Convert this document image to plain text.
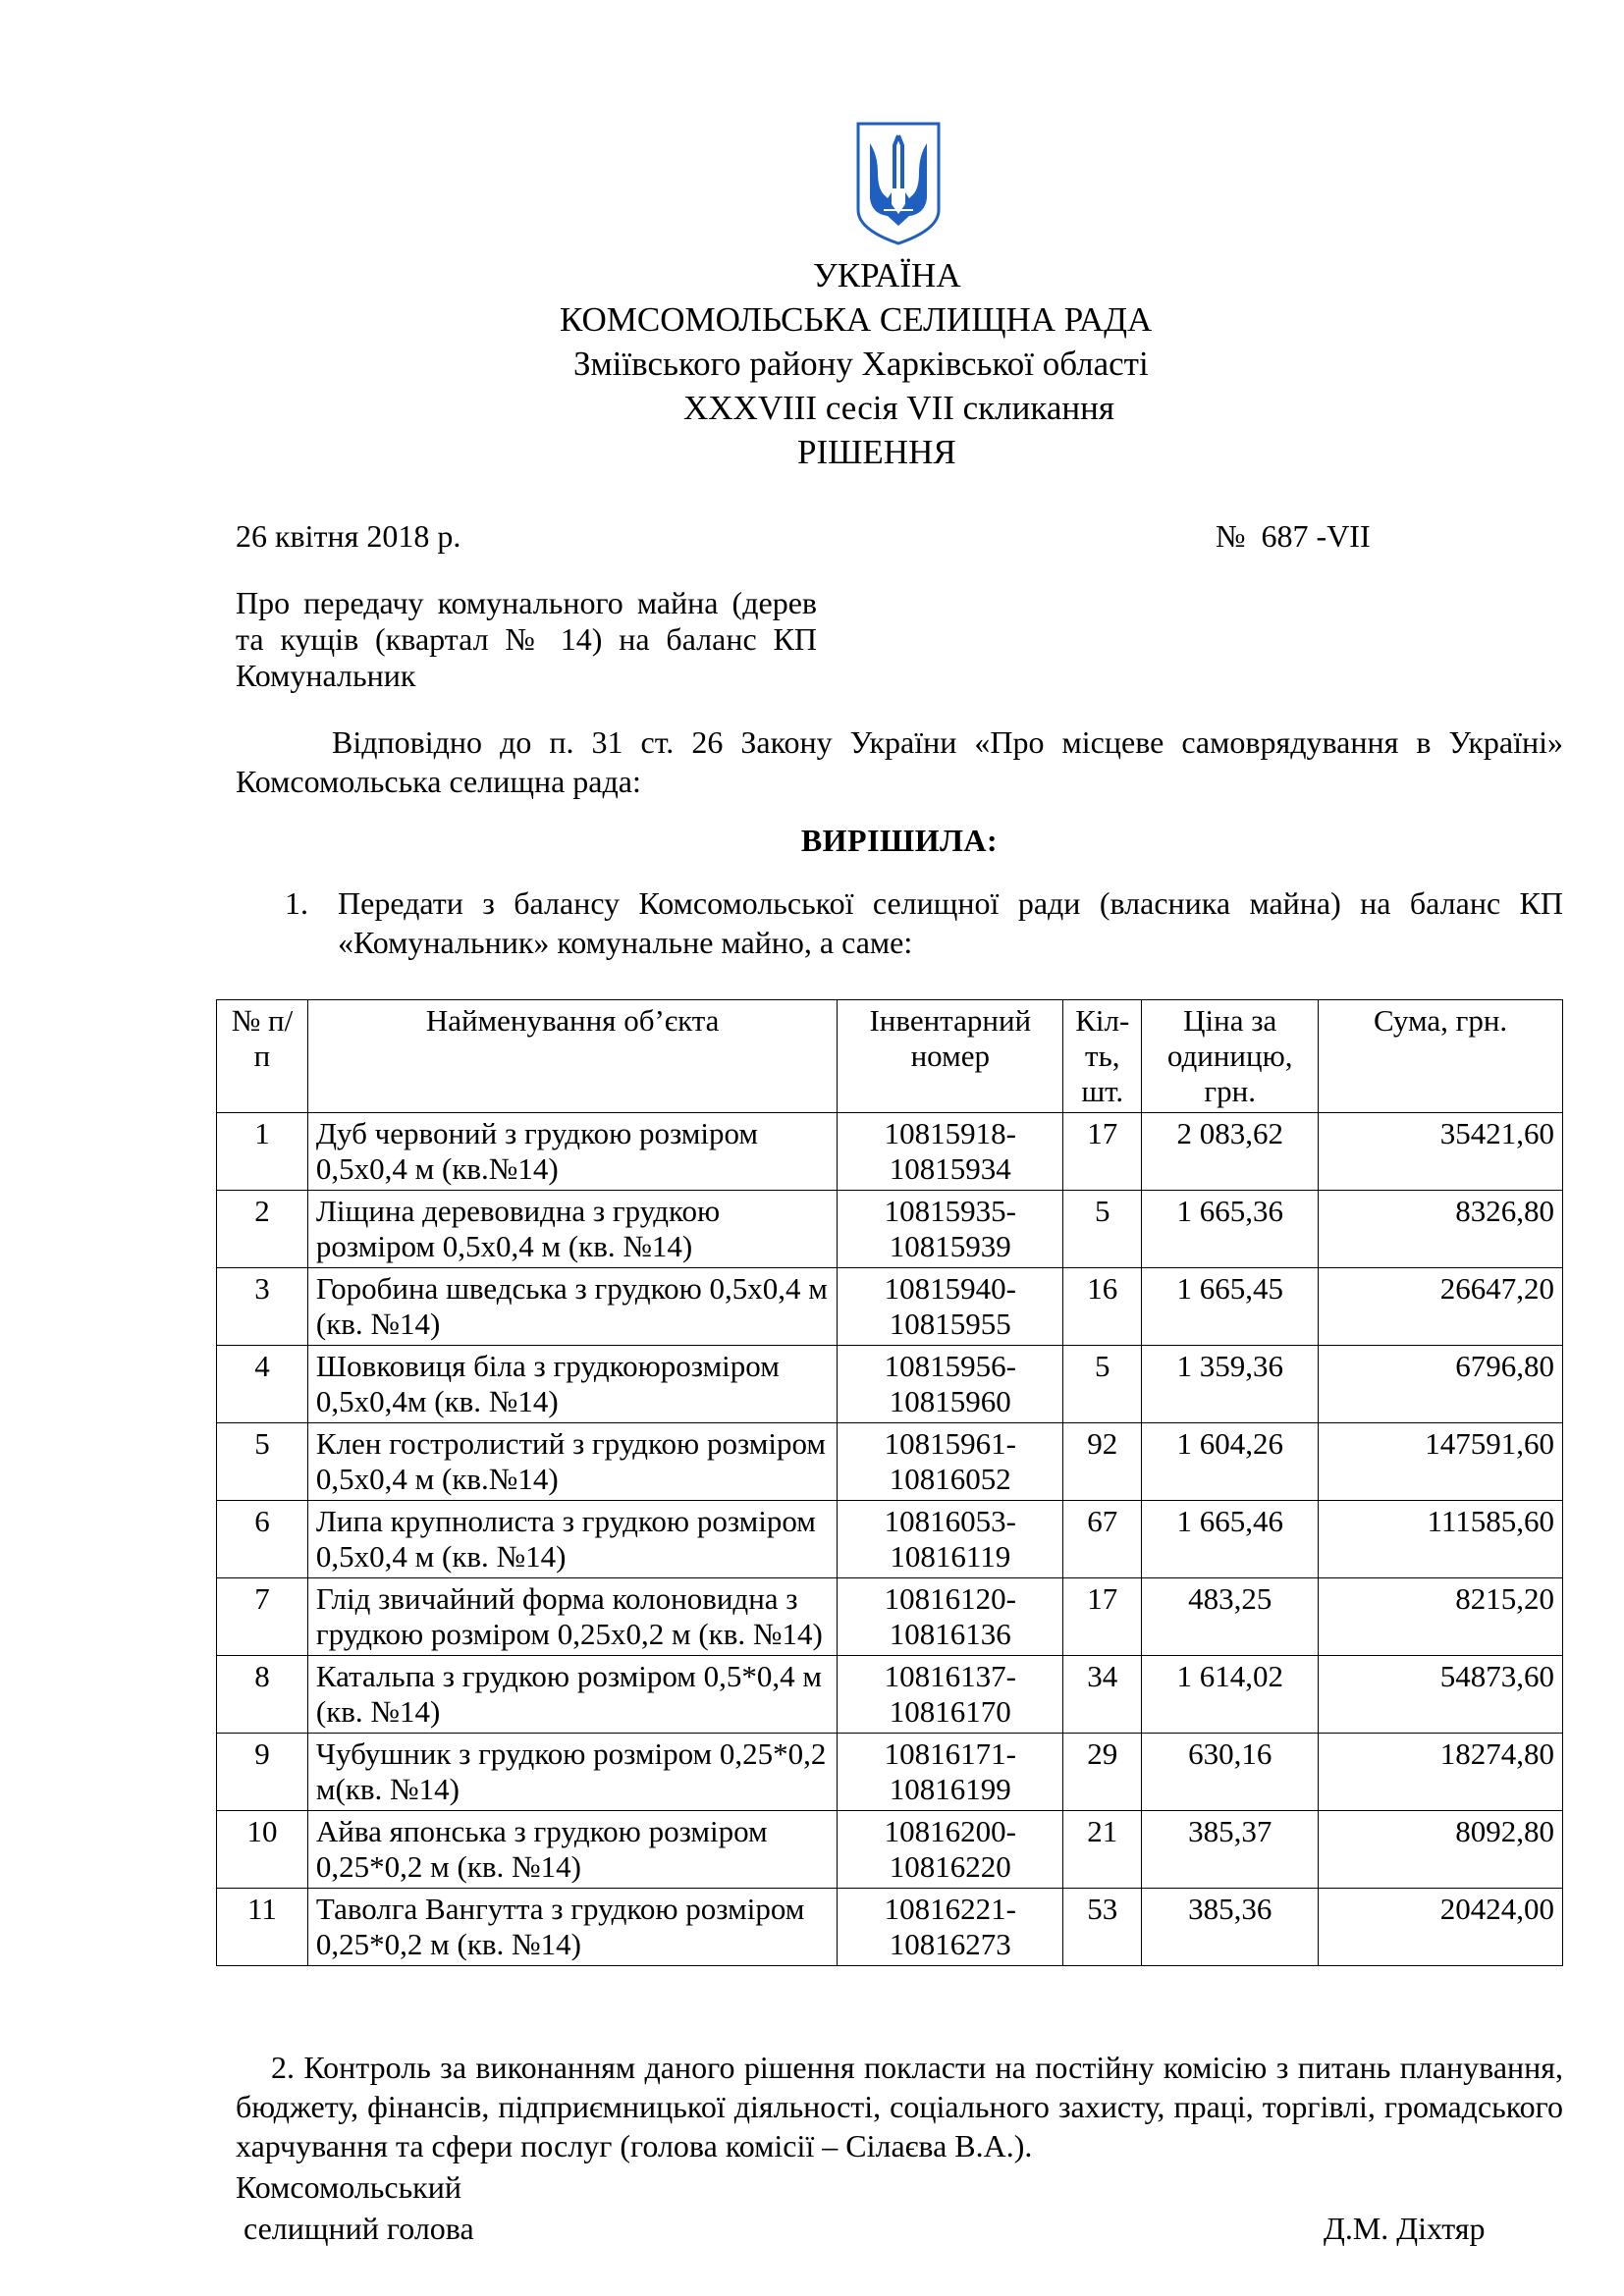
УКРАЇНА
КОМСОМОЛЬСЬКА СЕЛИЩНА РАДА
Зміївського району Харківської області
XXXVIII сесія VII скликання
РІШЕННЯ
26 квітня 2018 р.	№  687 -VII
Про передачу комунального майна (дерев та кущів (квартал № 14) на баланс КП Комунальник
Відповідно до п. 31 ст. 26 Закону України «Про місцеве самоврядування в Україні» Комсомольська селищна рада:
ВИРІШИЛА:
1. Передати з балансу Комсомольської селищної ради (власника майна) на баланс КП «Комунальник» комунальне майно, а саме:
№ п/п	Найменування об’єкта	Інвентарний номер	Кіл-ть, шт.	Ціна за одиницю, грн.	Сума, грн.
1	Дуб червоний з грудкою розміром 0,5х0,4 м (кв.№14)	10815918-10815934	17	2 083,62	35421,60
2	Ліщина деревовидна з грудкою розміром 0,5х0,4 м (кв. №14)	10815935-10815939	5	1 665,36	8326,80
3	Горобина шведська з грудкою 0,5х0,4 м (кв. №14)	10815940-10815955	16	1 665,45	26647,20
4	Шовковиця біла з грудкоюрозміром 0,5х0,4м (кв. №14)	10815956-10815960	5	1 359,36	6796,80
5	Клен гостролистий з грудкою розміром 0,5х0,4 м (кв.№14)	10815961-10816052	92	1 604,26	147591,60
6	Липа крупнолиста з грудкою розміром 0,5х0,4 м (кв. №14)	10816053-10816119	67	1 665,46	111585,60
7	Глід звичайний форма колоновидна з грудкою розміром 0,25х0,2 м (кв. №14)	10816120-10816136	17	483,25	8215,20
8	Катальпа з грудкою розміром 0,5*0,4 м (кв. №14)	10816137-10816170	34	1 614,02	54873,60
9	Чубушник з грудкою розміром 0,25*0,2 м(кв. №14)	10816171-10816199	29	630,16	18274,80
10	Айва японська з грудкою розміром 0,25*0,2 м (кв. №14)	10816200-10816220	21	385,37	8092,80
11	Таволга Вангутта з грудкою розміром 0,25*0,2 м (кв. №14)	10816221-10816273	53	385,36	20424,00
2. Контроль за виконанням даного рішення покласти на постійну комісію з питань планування, бюджету, фінансів, підприємницької діяльності, соціального захисту, праці, торгівлі, громадського харчування та сфери послуг (голова комісії – Сілаєва В.А.).
Комсомольський
селищний голова	Д.М. Діхтяр
